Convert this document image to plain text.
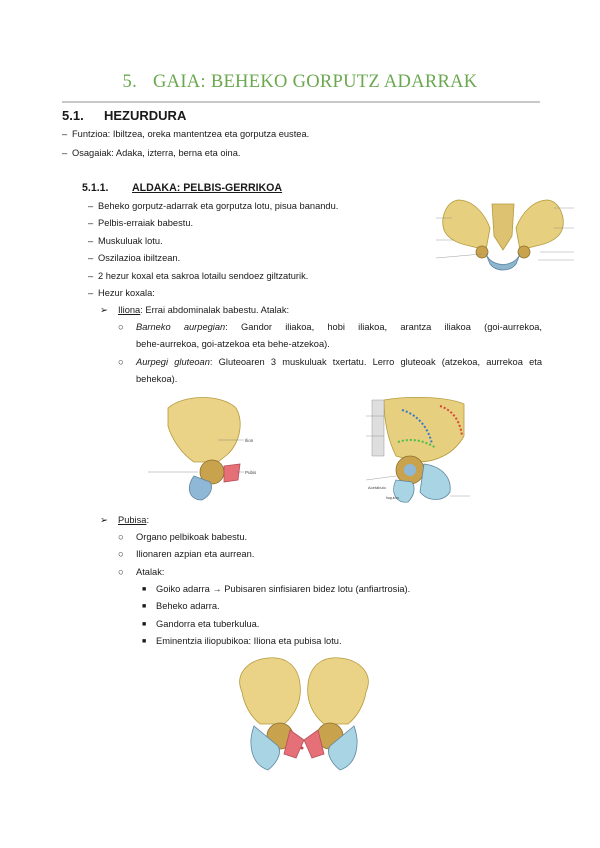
5. GAIA: BEHEKO GORPUTZ ADARRAK
5.1. HEZURDURA
– Funtzioa: Ibiltzea, oreka mantentzea eta gorputza eustea.
– Osagaiak: Adaka, izterra, berna eta oina.
5.1.1. ALDAKA: PELBIS-GERRIKOA
– Beheko gorputz-adarrak eta gorputza lotu, pisua banandu.
– Pelbis-erraiak babestu.
– Muskuluak lotu.
– Oszilazioa ibiltzean.
– 2 hezur koxal eta sakroa lotailu sendoez giltzaturik.
– Hezur koxala:
➢ Iliona: Errai abdominalak babestu. Atalak:
○ Barneko aurpegian: Gandor iliakoa, hobi iliakoa, arantza iliakoa (goi-aurrekoa,
behe-aurrekoa, goi-atzekoa eta behe-atzekoa).
○ Aurpegi gluteoan: Gluteoaren 3 muskuluak txertatu. Lerro gluteoak (atzekoa, aurrekoa eta
behekoa).
➢ Pubisa:
○ Organo pelbikoak babestu.
○ Ilionaren azpian eta aurrean.
○ Atalak:
■ Goiko adarra → Pubisaren sinfisiaren bidez lotu (anfiartrosia).
■ Beheko adarra.
■ Gandorra eta tuberkulua.
■ Eminentzia iliopubikoa: Iliona eta pubisa lotu.
Ilion
Pubis
Acetábulo
Isquion
